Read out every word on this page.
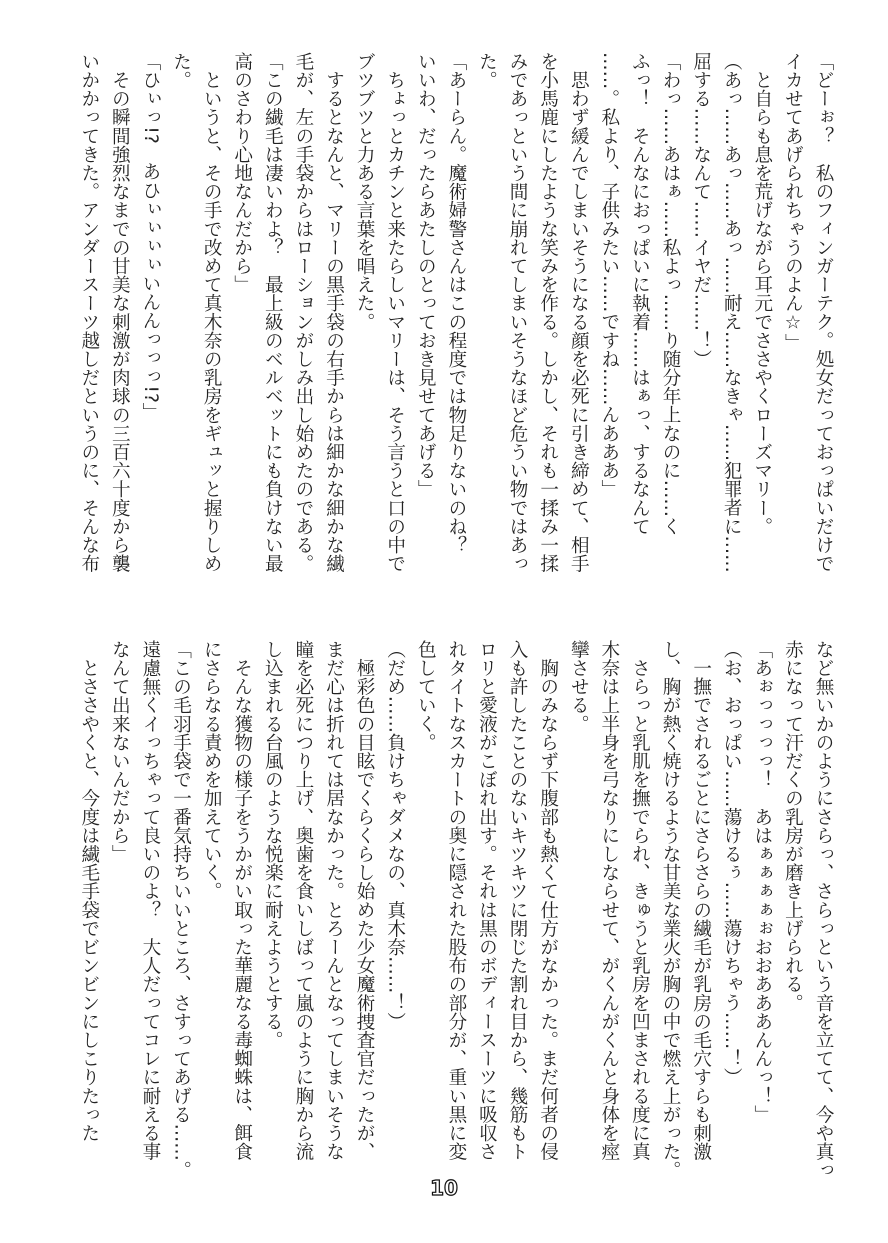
「どーぉ？　私のフィンガーテク。処女だっておっぱいだけで
イカせてあげられちゃうのよん☆」
　と自らも息を荒げながら耳元でささやくローズマリー。
（あっ……あっ……あっ……耐え……なきゃ……犯罪者に……
屈する……なんて……イヤだ……！）
「わっ……あはぁ……私よっ……り随分年上なのに……く
ふっ！　そんなにおっぱいに執着……はぁっ、するなんて
……。私より、子供みたい……ですね……んあああ」
　思わず緩んでしまいそうになる顔を必死に引き締めて、相手
を小馬鹿にしたような笑みを作る。しかし、それも一揉み一揉
みであっという間に崩れてしまいそうなほど危うい物ではあっ
た。
「あーらん。魔術婦警さんはこの程度では物足りないのね？
いいわ、だったらあたしのとっておき見せてあげる」
　ちょっとカチンと来たらしいマリーは、そう言うと口の中で
ブツブツと力ある言葉を唱えた。
　するとなんと、マリーの黒手袋の右手からは細かな細かな繊
毛が、左の手袋からはローションがしみ出し始めたのである。
「この繊毛は凄いわよ？　最上級のベルベットにも負けない最
高のさわり心地なんだから」
　というと、その手で改めて真木奈の乳房をギュッと握りしめ
た。
「ひぃっ!?　あひぃぃぃぃいんんっっっ!?」
　その瞬間強烈なまでの甘美な刺激が肉球の三百六十度から襲
いかかってきた。アンダースーツ越しだというのに、そんな布
など無いかのようにさらっ、さらっという音を立てて、今や真っ
赤になって汗だくの乳房が磨き上げられる。
「あぉっっっっ！　あはぁぁぁぁぉおおあああんんっ！」
（お、おっぱい……蕩けるぅ……蕩けちゃう……！）
　一撫でされるごとにさらさらの繊毛が乳房の毛穴すらも刺激
し、胸が熱く焼けるような甘美な業火が胸の中で燃え上がった。
　さらっと乳肌を撫でられ、きゅうと乳房を凹まされる度に真
木奈は上半身を弓なりにしならせて、がくんがくんと身体を痙
攣させる。
　胸のみならず下腹部も熱くて仕方がなかった。まだ何者の侵
入も許したことのないキツキツに閉じた割れ目から、幾筋もト
ロリと愛液がこぼれ出す。それは黒のボディースーツに吸収さ
れタイトなスカートの奥に隠された股布の部分が、重い黒に変
色していく。
（だめ……負けちゃダメなの、真木奈……！）
　極彩色の目眩でくらくらし始めた少女魔術捜査官だったが、
まだ心は折れては居なかった。とろーんとなってしまいそうな
瞳を必死につり上げ、奥歯を食いしばって嵐のように胸から流
し込まれる台風のような悦楽に耐えようとする。
　そんな獲物の様子をうかがい取った華麗なる毒蜘蛛は、餌食
にさらなる責めを加えていく。
「この毛羽手袋で一番気持ちいいところ、さすってあげる……。
遠慮無くイっちゃって良いのよ？　大人だってコレに耐える事
なんて出来ないんだから」
　とささやくと、今度は繊毛手袋でビンビンにしこりたった
10
